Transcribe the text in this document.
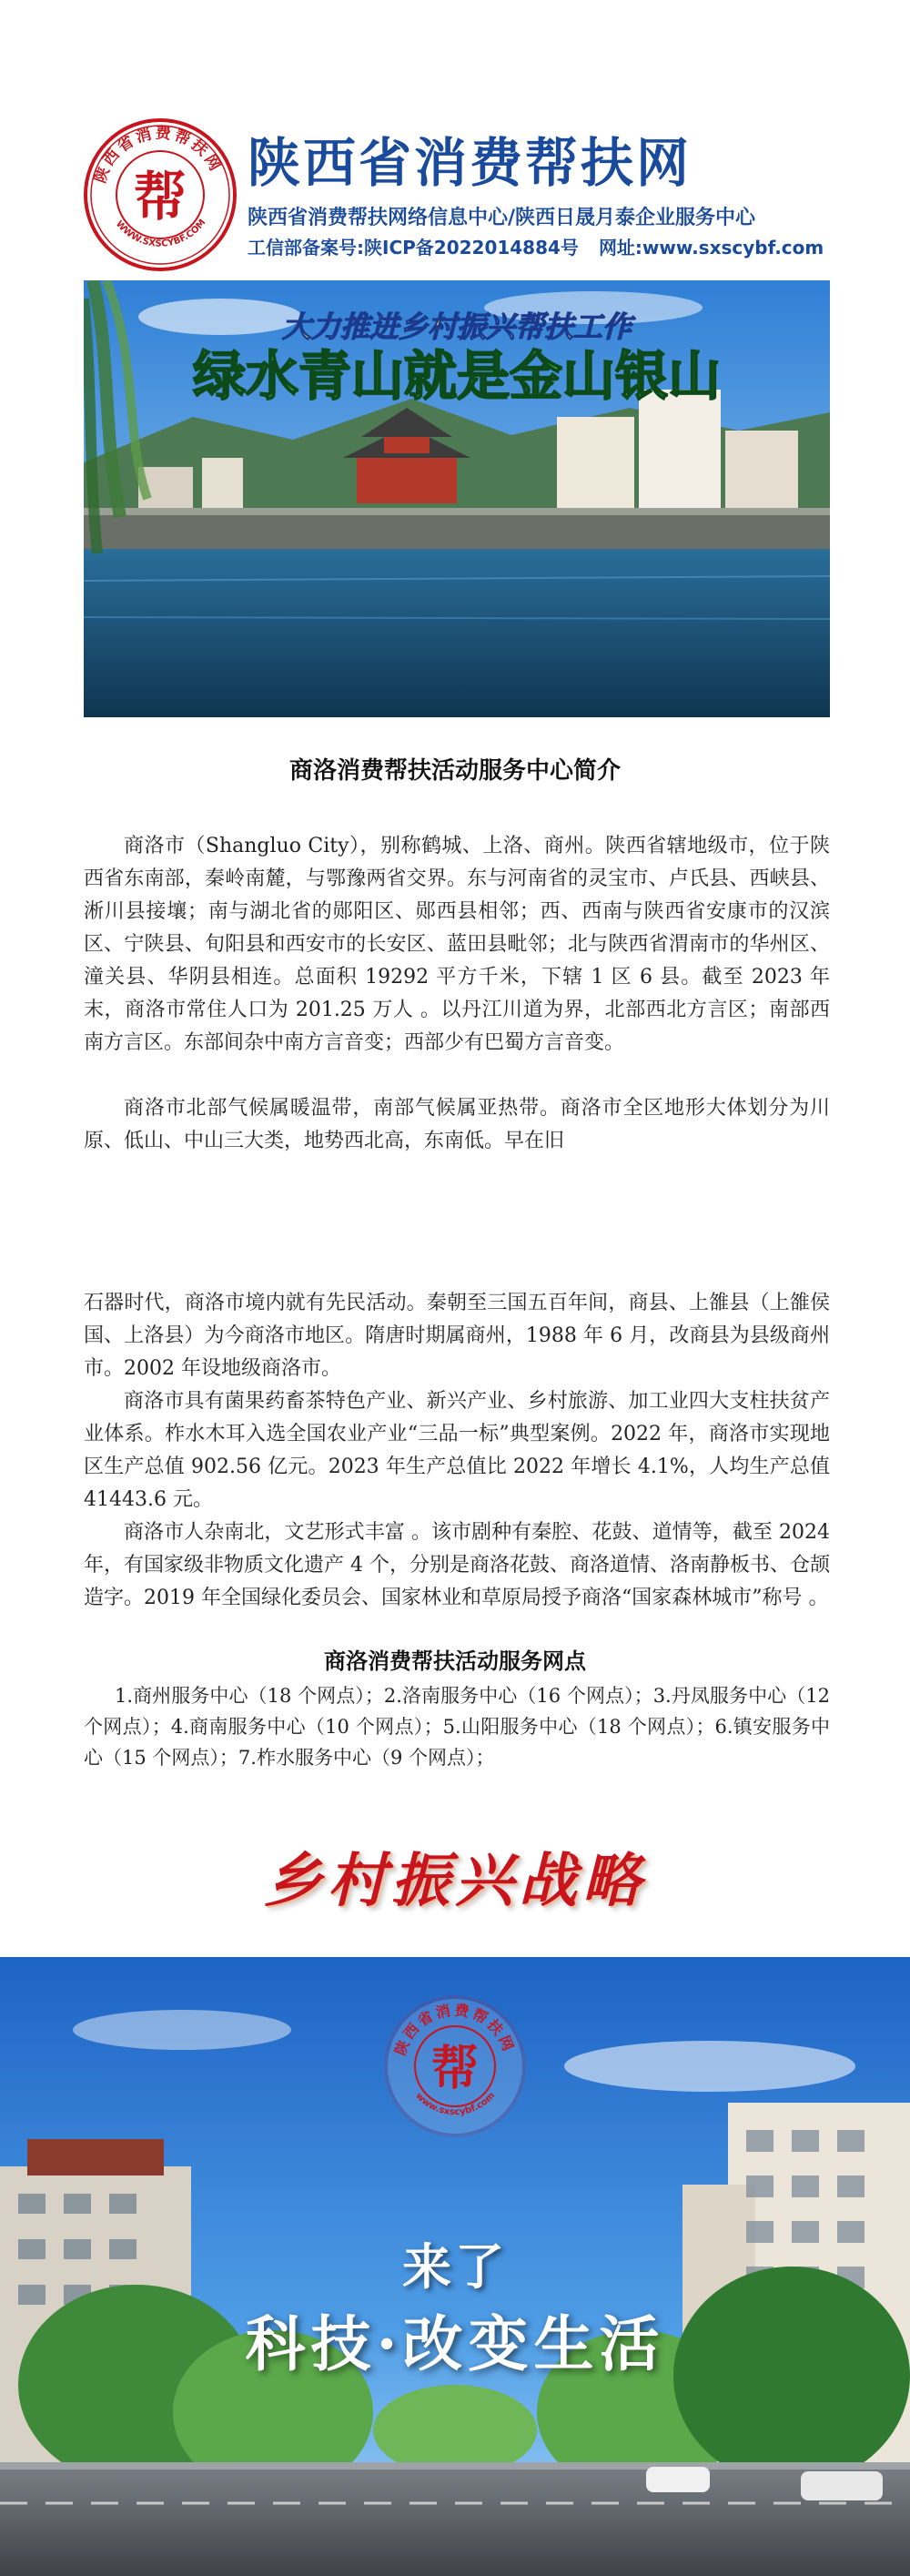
陕西省消费帮扶网
WWW.SXSCYBF.COM
帮
陕西省消费帮扶网
陕西省消费帮扶网络信息中心/陕西日晟月泰企业服务中心
工信部备案号:陕ICP备2022014884号 网址:www.sxscybf.com
大力推进乡村振兴帮扶工作
绿水青山就是金山银山
商洛消费帮扶活动服务中心简介
商洛市（Shangluo City），别称鹤城、上洛、商州。陕西省辖地级市，位于陕西省东南部，秦岭南麓，与鄂豫两省交界。东与河南省的灵宝市、卢氏县、西峡县、淅川县接壤；南与湖北省的郧阳区、郧西县相邻；西、西南与陕西省安康市的汉滨区、宁陕县、旬阳县和西安市的长安区、蓝田县毗邻；北与陕西省渭南市的华州区、潼关县、华阴县相连。总面积 19292 平方千米，下辖 1 区 6 县。截至 2023 年末，商洛市常住人口为 201.25 万人 。以丹江川道为界，北部西北方言区；南部西南方言区。东部间杂中南方言音变；西部少有巴蜀方言音变。
商洛市北部气候属暖温带，南部气候属亚热带。商洛市全区地形大体划分为川原、低山、中山三大类，地势西北高，东南低。早在旧
石器时代，商洛市境内就有先民活动。秦朝至三国五百年间，商县、上雒县（上雒侯国、上洛县）为今商洛市地区。隋唐时期属商州，1988 年 6 月，改商县为县级商州市。2002 年设地级商洛市。
商洛市具有菌果药畜茶特色产业、新兴产业、乡村旅游、加工业四大支柱扶贫产业体系。柞水木耳入选全国农业产业“三品一标”典型案例。2022 年，商洛市实现地区生产总值 902.56 亿元。2023 年生产总值比 2022 年增长 4.1%，人均生产总值 41443.6 元。
商洛市人杂南北，文艺形式丰富 。该市剧种有秦腔、花鼓、道情等，截至 2024 年，有国家级非物质文化遗产 4 个，分别是商洛花鼓、商洛道情、洛南静板书、仓颉造字。2019 年全国绿化委员会、国家林业和草原局授予商洛“国家森林城市”称号 。
商洛消费帮扶活动服务网点
1.商州服务中心（18 个网点）；2.洛南服务中心（16 个网点）；3.丹凤服务中心（12 个网点）；4.商南服务中心（10 个网点）；5.山阳服务中心（18 个网点）；6.镇安服务中心（15 个网点）；7.柞水服务中心（9 个网点）；
乡村振兴战略
陕西省消费帮扶网
www.sxscybf.com
帮
来了
科技·改变生活
